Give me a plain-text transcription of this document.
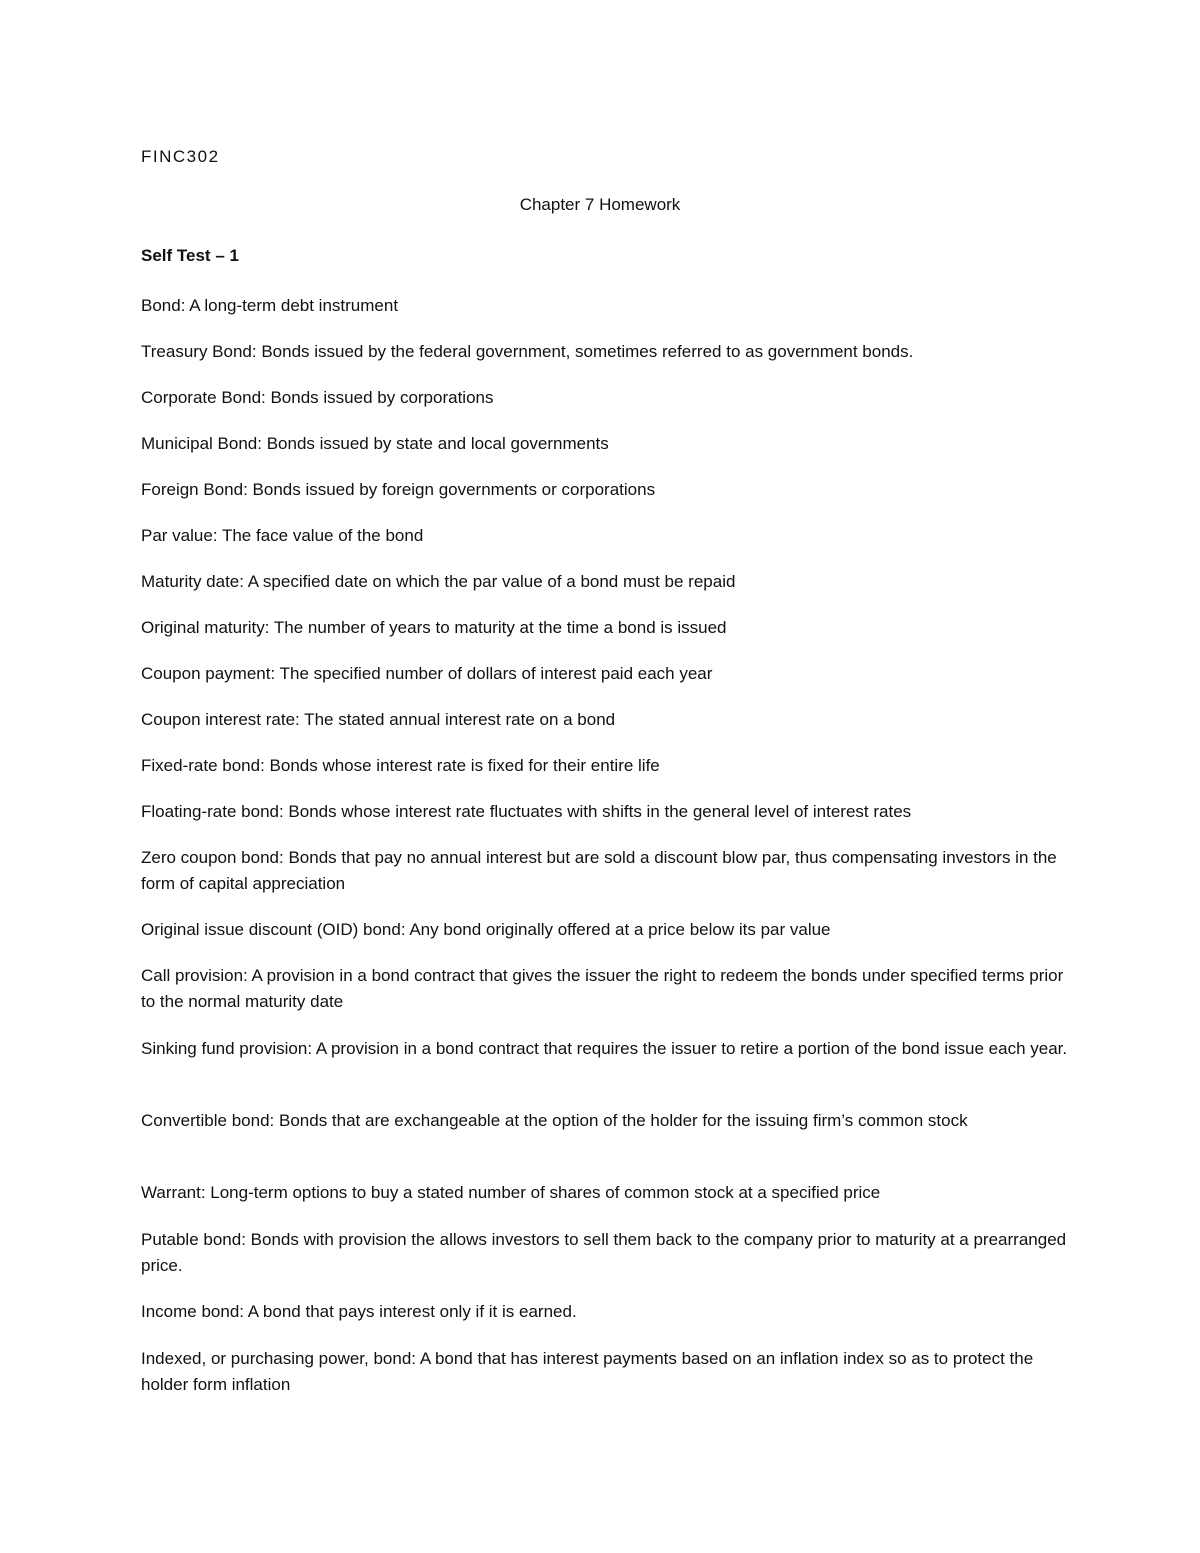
FINC302
Chapter 7 Homework
Self Test – 1
Bond: A long-term debt instrument
Treasury Bond: Bonds issued by the federal government, sometimes referred to as government bonds.
Corporate Bond: Bonds issued by corporations
Municipal Bond: Bonds issued by state and local governments
Foreign Bond: Bonds issued by foreign governments or corporations
Par value: The face value of the bond
Maturity date: A specified date on which the par value of a bond must be repaid
Original maturity: The number of years to maturity at the time a bond is issued
Coupon payment: The specified number of dollars of interest paid each year
Coupon interest rate: The stated annual interest rate on a bond
Fixed-rate bond: Bonds whose interest rate is fixed for their entire life
Floating-rate bond: Bonds whose interest rate fluctuates with shifts in the general level of interest rates
Zero coupon bond: Bonds that pay no annual interest but are sold a discount blow par, thus compensating investors in the form of capital appreciation
Original issue discount (OID) bond: Any bond originally offered at a price below its par value
Call provision: A provision in a bond contract that gives the issuer the right to redeem the bonds under specified terms prior to the normal maturity date
Sinking fund provision: A provision in a bond contract that requires the issuer to retire a portion of the bond issue each year.
Convertible bond: Bonds that are exchangeable at the option of the holder for the issuing firm’s common stock
Warrant: Long-term options to buy a stated number of shares of common stock at a specified price
Putable bond: Bonds with provision the allows investors to sell them back to the company prior to maturity at a prearranged price.
Income bond: A bond that pays interest only if it is earned.
Indexed, or purchasing power, bond: A bond that has interest payments based on an inflation index so as to protect the holder form inflation
